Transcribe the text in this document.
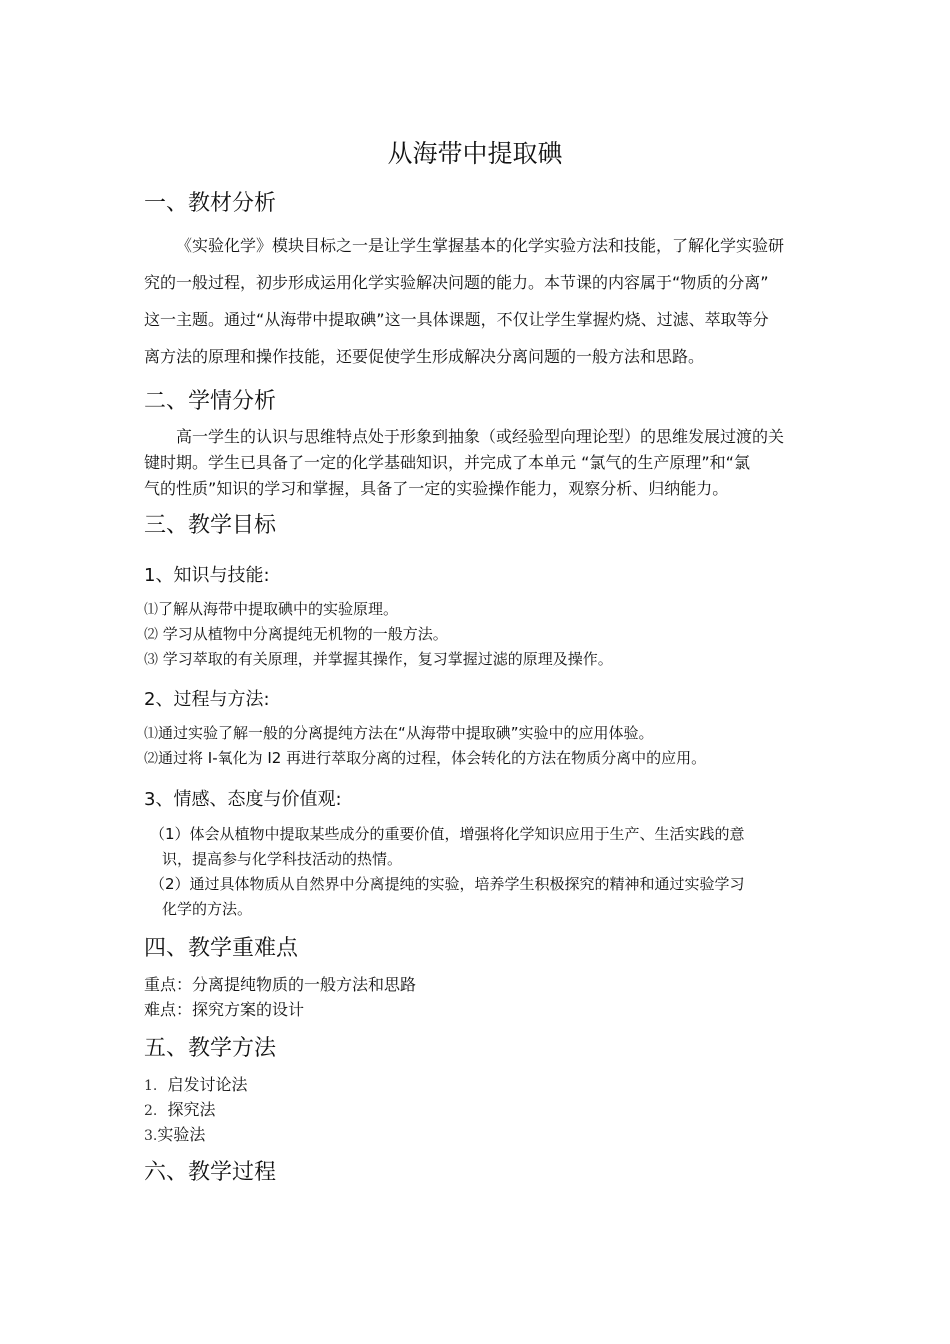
从海带中提取碘
一、教材分析
《实验化学》模块目标之一是让学生掌握基本的化学实验方法和技能，了解化学实验研
究的一般过程，初步形成运用化学实验解决问题的能力。本节课的内容属于“物质的分离”
这一主题。通过“从海带中提取碘”这一具体课题，不仅让学生掌握灼烧、过滤、萃取等分
离方法的原理和操作技能，还要促使学生形成解决分离问题的一般方法和思路。
二、学情分析
高一学生的认识与思维特点处于形象到抽象（或经验型向理论型）的思维发展过渡的关
键时期。学生已具备了一定的化学基础知识，并完成了本单元 “氯气的生产原理”和“氯
气的性质”知识的学习和掌握，具备了一定的实验操作能力，观察分析、归纳能力。
三、教学目标
1、知识与技能:
⑴了解从海带中提取碘中的实验原理。
⑵ 学习从植物中分离提纯无机物的一般方法。
⑶ 学习萃取的有关原理，并掌握其操作，复习掌握过滤的原理及操作。
2、过程与方法:
⑴通过实验了解一般的分离提纯方法在“从海带中提取碘”实验中的应用体验。
⑵通过将 I-氧化为 I2 再进行萃取分离的过程，体会转化的方法在物质分离中的应用。
3、情感、态度与价值观:
（1）体会从植物中提取某些成分的重要价值，增强将化学知识应用于生产、生活实践的意
识，提高参与化学科技活动的热情。
（2）通过具体物质从自然界中分离提纯的实验，培养学生积极探究的精神和通过实验学习
化学的方法。
四、教学重难点
重点：分离提纯物质的一般方法和思路
难点：探究方案的设计
五、教学方法
1.  启发讨论法
2.  探究法
3.实验法
六、教学过程
